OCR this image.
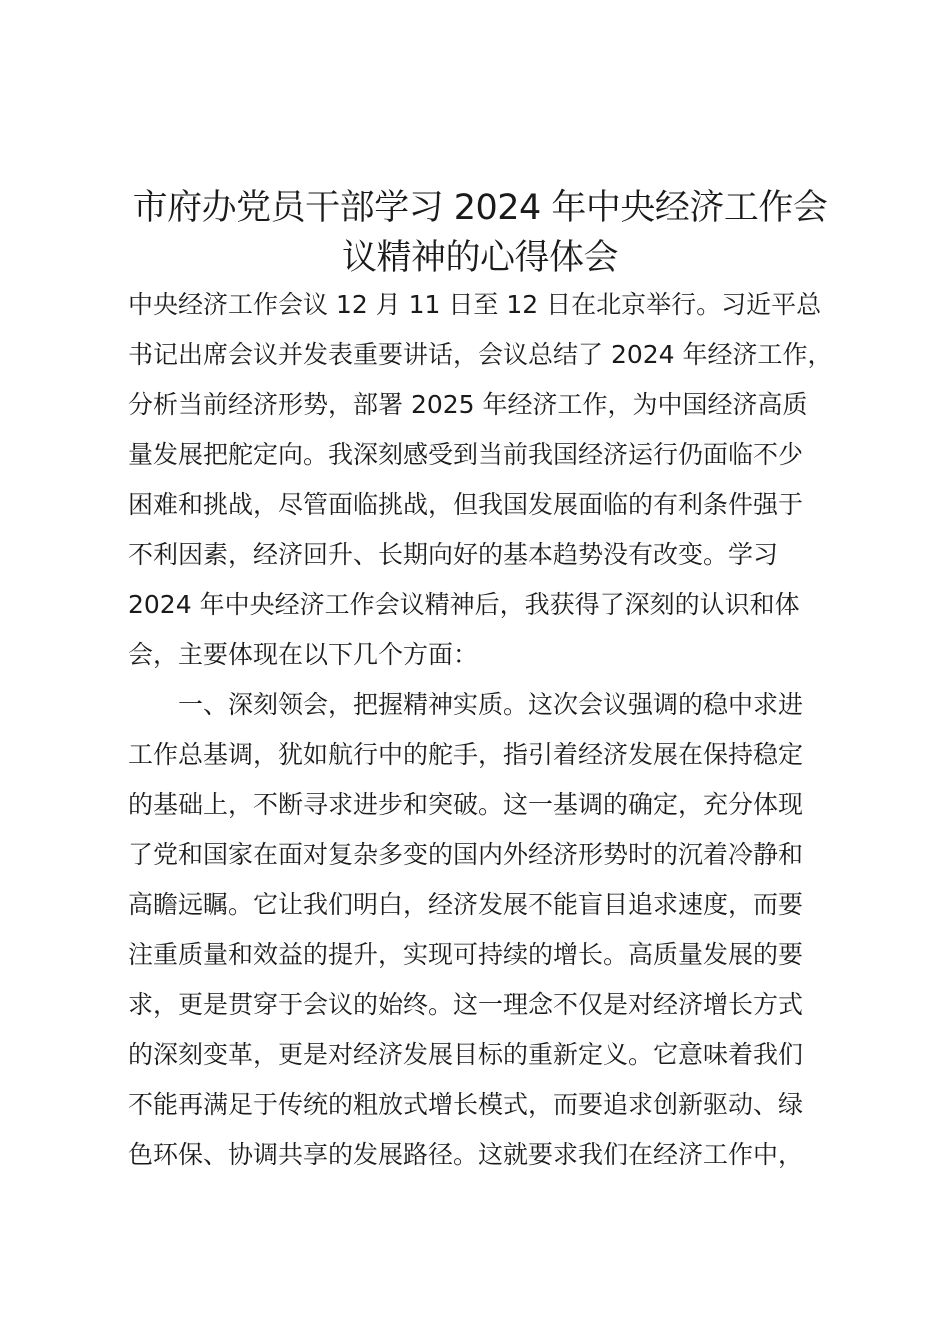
市府办党员干部学习 2024 年中央经济工作会
议精神的心得体会
中央经济工作会议 12 月 11 日至 12 日在北京举行。习近平总
书记出席会议并发表重要讲话，会议总结了 2024 年经济工作，
分析当前经济形势，部署 2025 年经济工作，为中国经济高质
量发展把舵定向。我深刻感受到当前我国经济运行仍面临不少
困难和挑战，尽管面临挑战，但我国发展面临的有利条件强于
不利因素，经济回升、长期向好的基本趋势没有改变。学习
2024 年中央经济工作会议精神后，我获得了深刻的认识和体
会，主要体现在以下几个方面：
一、深刻领会，把握精神实质。这次会议强调的稳中求进
工作总基调，犹如航行中的舵手，指引着经济发展在保持稳定
的基础上，不断寻求进步和突破。这一基调的确定，充分体现
了党和国家在面对复杂多变的国内外经济形势时的沉着冷静和
高瞻远瞩。它让我们明白，经济发展不能盲目追求速度，而要
注重质量和效益的提升，实现可持续的增长。高质量发展的要
求，更是贯穿于会议的始终。这一理念不仅是对经济增长方式
的深刻变革，更是对经济发展目标的重新定义。它意味着我们
不能再满足于传统的粗放式增长模式，而要追求创新驱动、绿
色环保、协调共享的发展路径。这就要求我们在经济工作中，
